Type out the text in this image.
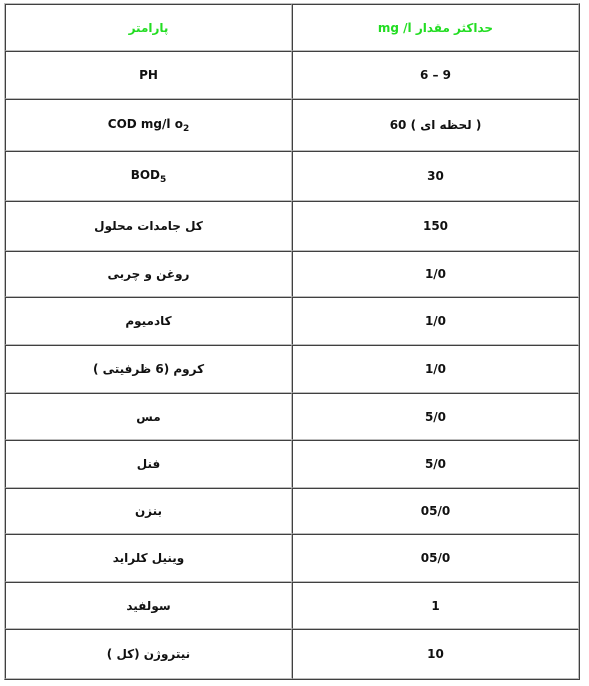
پارامتر	حداکثر مقدار mg /l
PH	6 – 9
COD mg/l $o_2$	( لحظه ای ) 60
$BOD_5$	30
کل جامدات محلول	150
روغن و چربی	1/0
کادمیوم	1/0
کروم (6 ظرفیتی )	1/0
مس	5/0
فنل	5/0
بنزن	05/0
وینیل کلراید	05/0
سولفید	1
نیتروژن (کل )	10
